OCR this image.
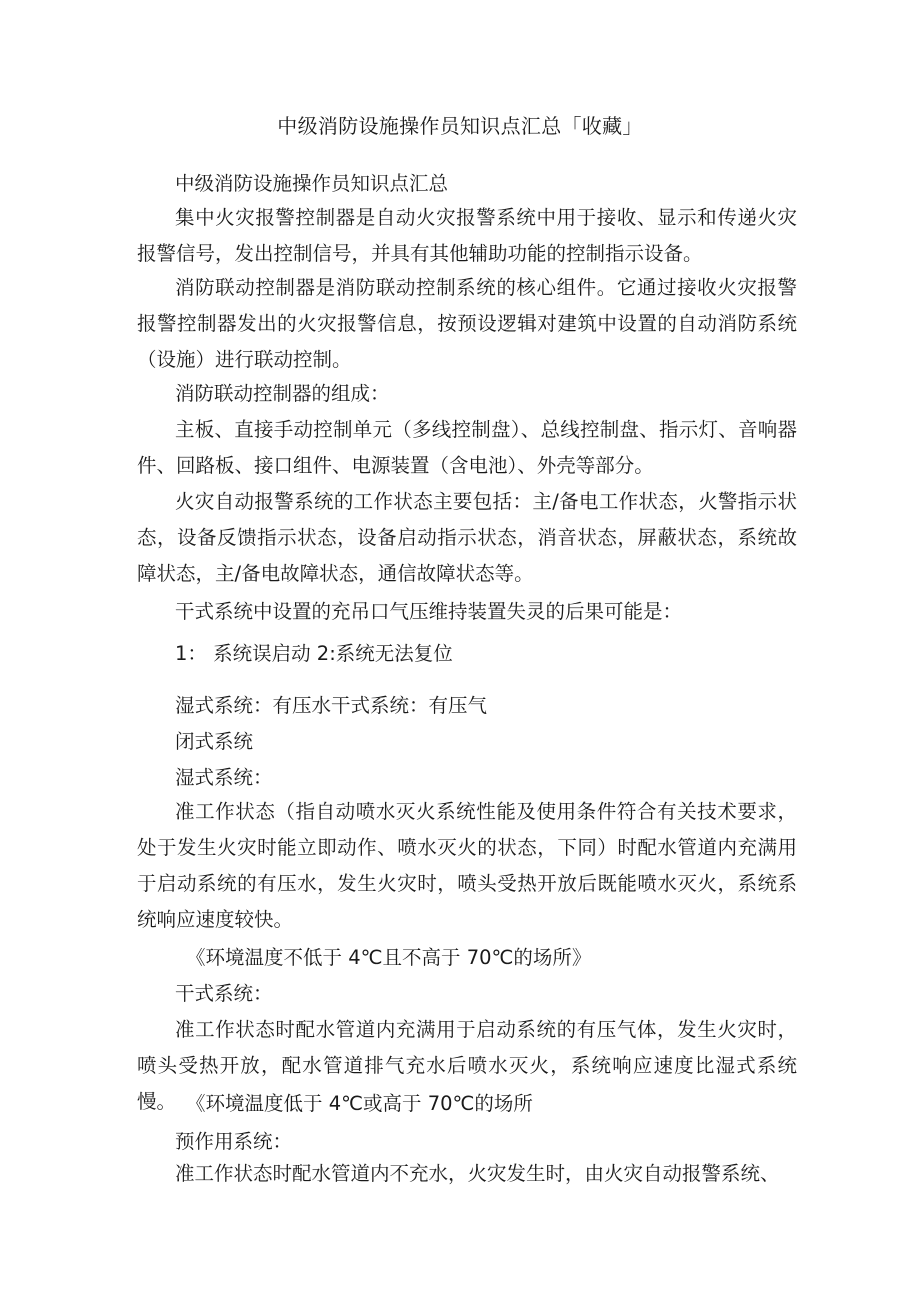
中级消防设施操作员知识点汇总「收藏」

中级消防设施操作员知识点汇总

集中火灾报警控制器是自动火灾报警系统中用于接收、显示和传递火灾报警信号，发出控制信号，并具有其他辅助功能的控制指示设备。

消防联动控制器是消防联动控制系统的核心组件。它通过接收火灾报警报警控制器发出的火灾报警信息，按预设逻辑对建筑中设置的自动消防系统（设施）进行联动控制。

消防联动控制器的组成：

主板、直接手动控制单元（多线控制盘）、总线控制盘、指示灯、音响器件、回路板、接口组件、电源装置（含电池）、外壳等部分。

火灾自动报警系统的工作状态主要包括：主/备电工作状态，火警指示状态，设备反馈指示状态，设备启动指示状态，消音状态，屏蔽状态，系统故障状态，主/备电故障状态，通信故障状态等。

干式系统中设置的充吊口气压维持装置失灵的后果可能是：

1： 系统误启动 2:系统无法复位

湿式系统：有压水干式系统：有压气

闭式系统

湿式系统：

准工作状态（指自动喷水灭火系统性能及使用条件符合有关技术要求，处于发生火灾时能立即动作、喷水灭火的状态，下同）时配水管道内充满用于启动系统的有压水，发生火灾时，喷头受热开放后既能喷水灭火，系统系统响应速度较快。

《环境温度不低于 4℃且不高于 70℃的场所》

干式系统：

准工作状态时配水管道内充满用于启动系统的有压气体，发生火灾时，喷头受热开放，配水管道排气充水后喷水灭火，系统响应速度比湿式系统慢。 《环境温度低于 4℃或高于 70℃的场所

预作用系统：

准工作状态时配水管道内不充水，火灾发生时，由火灾自动报警系统、
